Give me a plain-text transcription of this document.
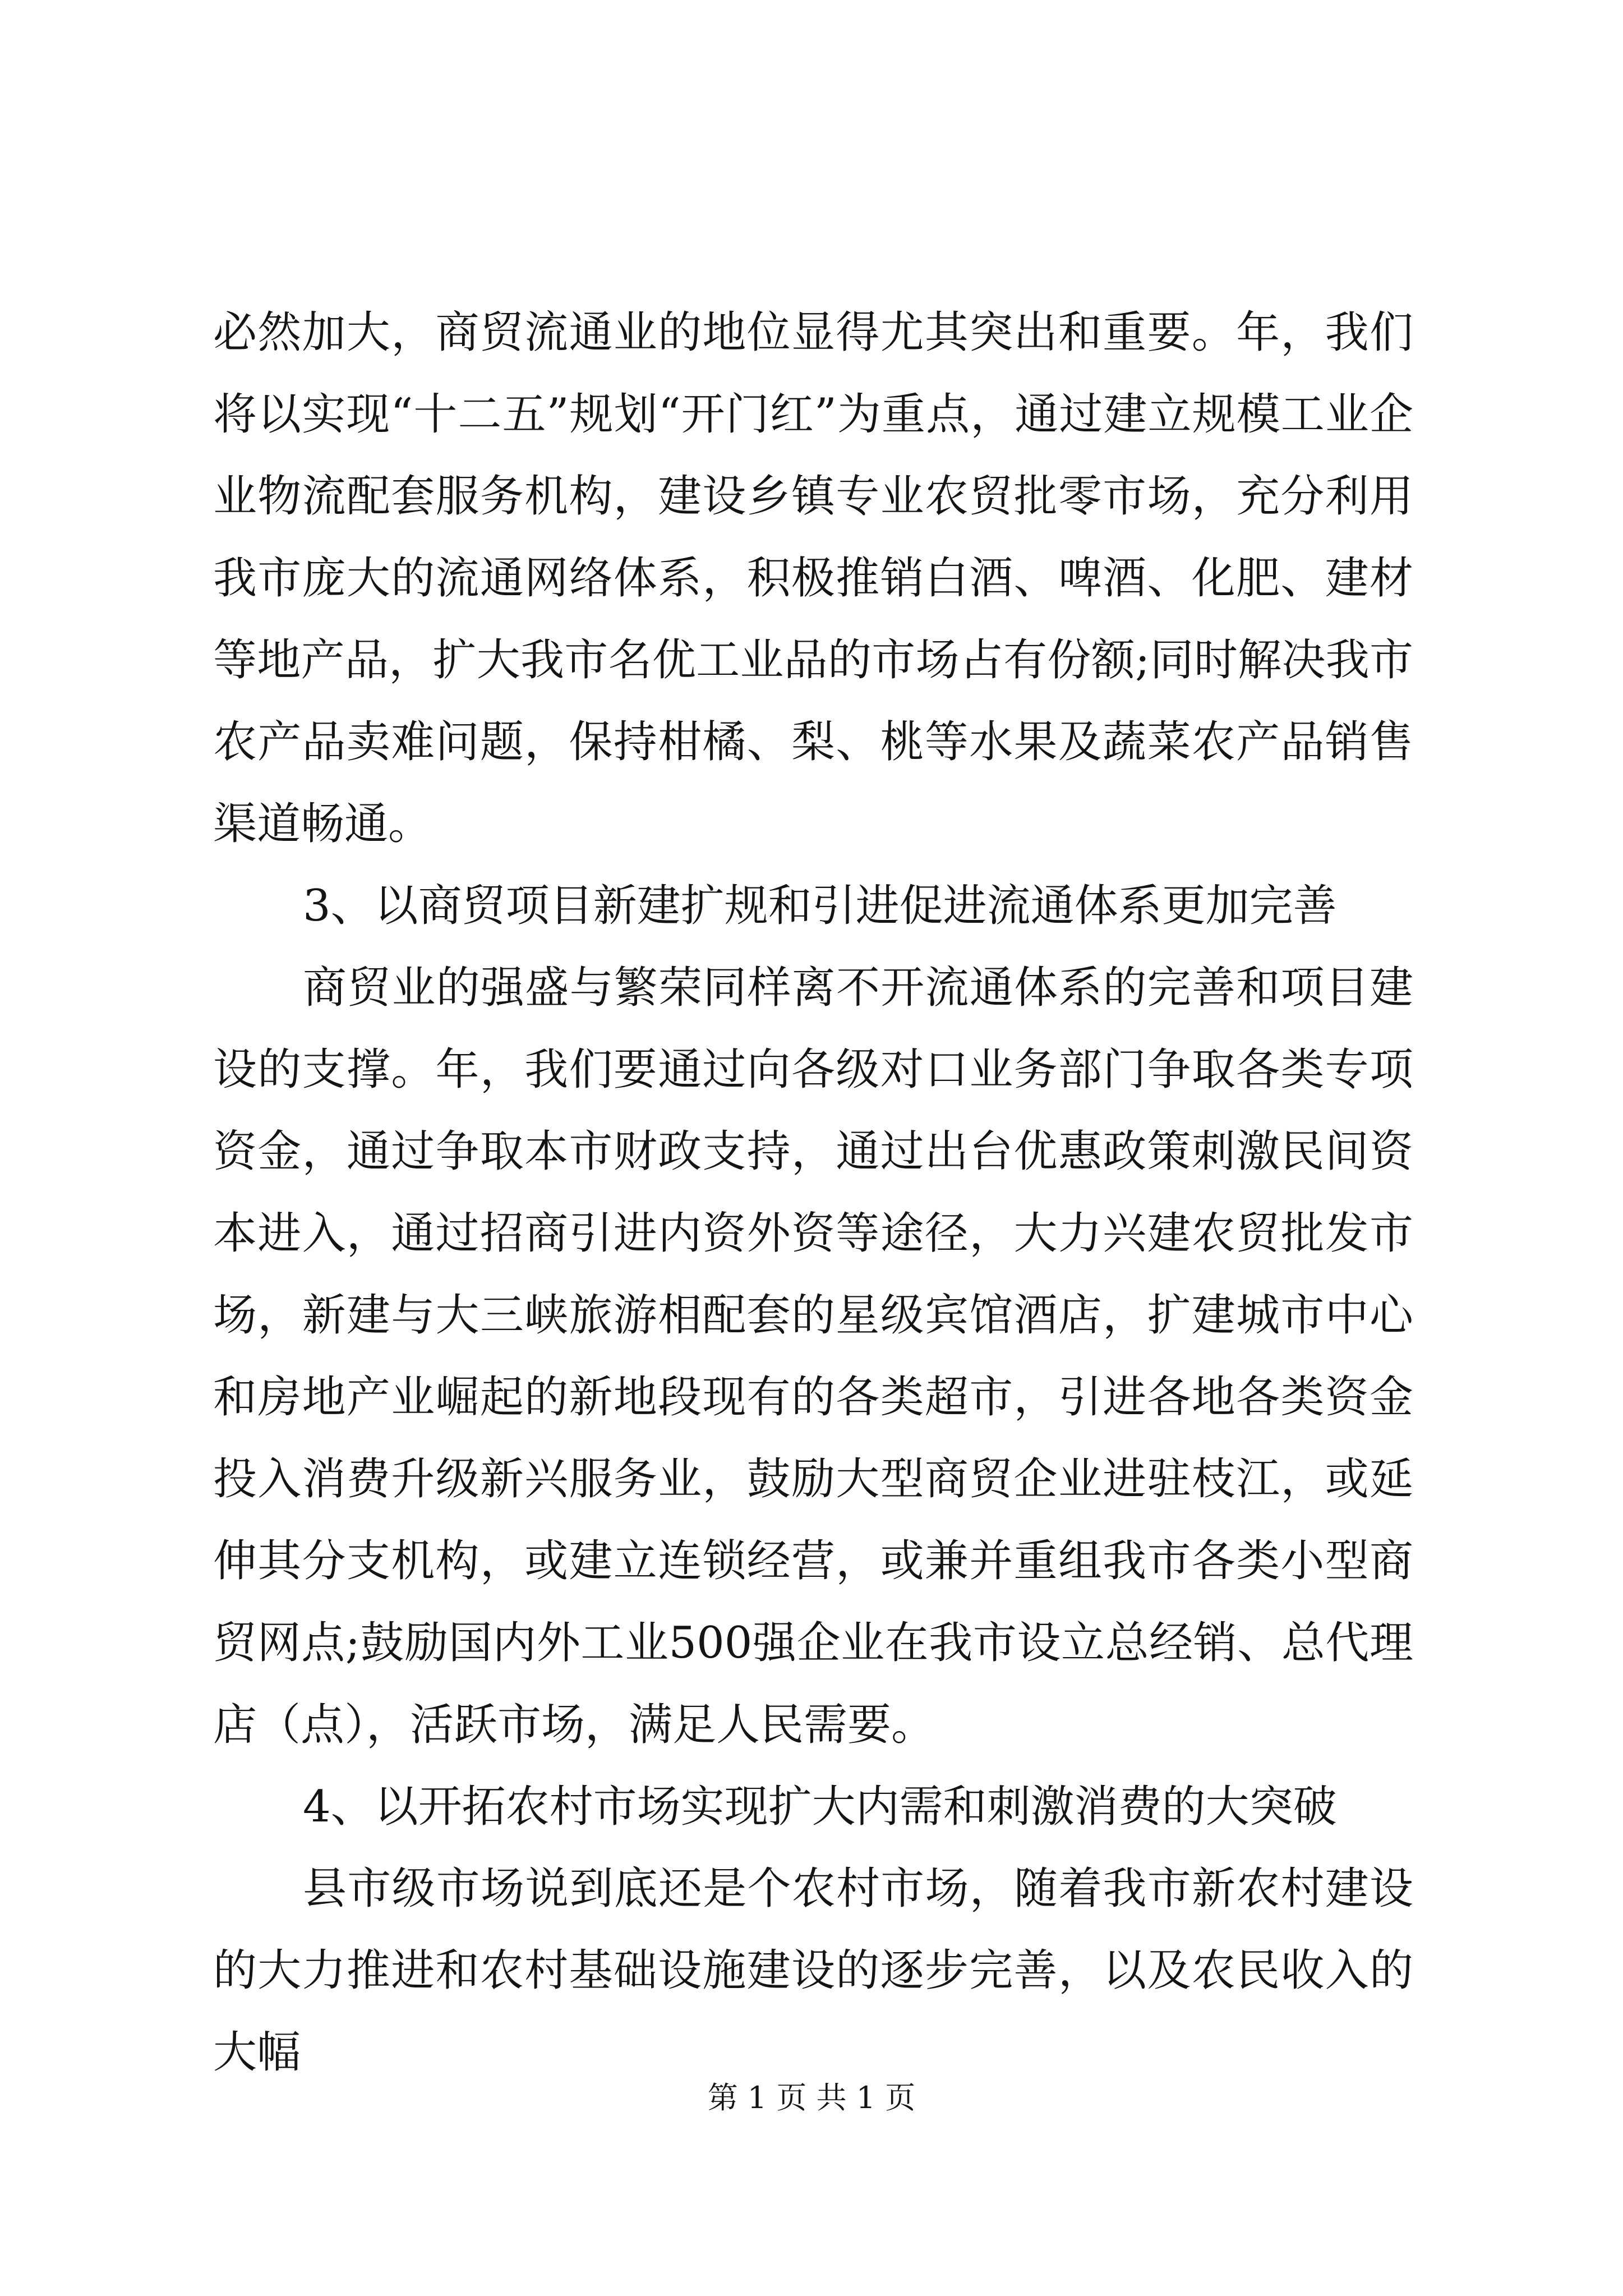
必然加大，商贸流通业的地位显得尤其突出和重要。年，我们将以实现“十二五”规划“开门红”为重点，通过建立规模工业企业物流配套服务机构，建设乡镇专业农贸批零市场，充分利用我市庞大的流通网络体系，积极推销白酒、啤酒、化肥、建材等地产品，扩大我市名优工业品的市场占有份额;同时解决我市农产品卖难问题，保持柑橘、梨、桃等水果及蔬菜农产品销售渠道畅通。

3、以商贸项目新建扩规和引进促进流通体系更加完善

商贸业的强盛与繁荣同样离不开流通体系的完善和项目建设的支撑。年，我们要通过向各级对口业务部门争取各类专项资金，通过争取本市财政支持，通过出台优惠政策刺激民间资本进入，通过招商引进内资外资等途径，大力兴建农贸批发市场，新建与大三峡旅游相配套的星级宾馆酒店，扩建城市中心和房地产业崛起的新地段现有的各类超市，引进各地各类资金投入消费升级新兴服务业，鼓励大型商贸企业进驻枝江，或延伸其分支机构，或建立连锁经营，或兼并重组我市各类小型商贸网点;鼓励国内外工业500强企业在我市设立总经销、总代理店（点），活跃市场，满足人民需要。

4、以开拓农村市场实现扩大内需和刺激消费的大突破

县市级市场说到底还是个农村市场，随着我市新农村建设的大力推进和农村基础设施建设的逐步完善，以及农民收入的大幅

第 1 页 共 1 页
